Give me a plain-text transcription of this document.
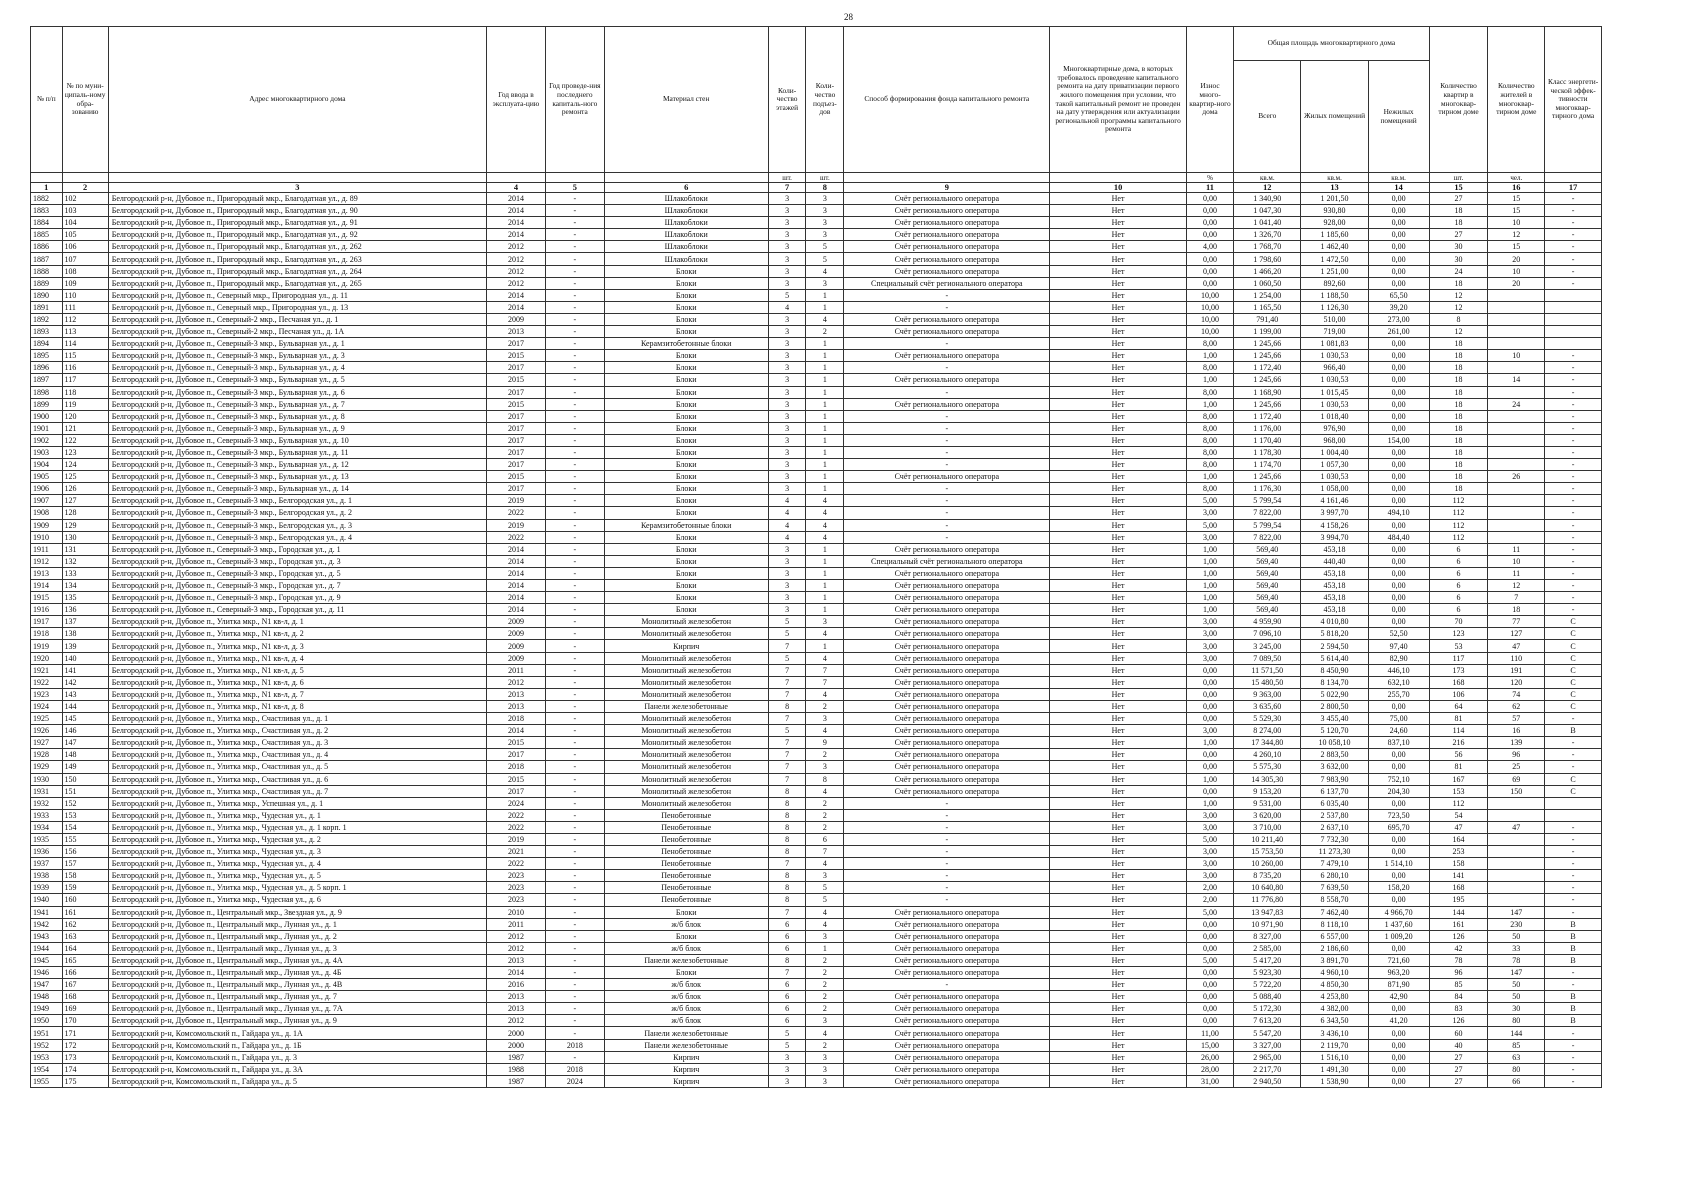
28
№ п/п	№ по муни-ципаль-ному обра-зованию	Адрес многоквартирного дома	Год ввода в эксплуата-цию	Год проведе-ния последнего капиталь-ного ремонта	Материал стен	Коли-чество этажей	Коли-чество подъез-дов	Способ формирования фонда капитального ремонта	Многоквартирные дома, в которых требовалось проведение капитального ремонта на дату приватизации первого жилого помещения при условии, что такой капитальный ремонт не проведен на дату утверждения или актуализации региональной программы капитального ремонта	Износ много-квартир-ного дома	Общая площадь многоквартирного дома			Количество квартир в многоквар-тирном доме	Количество жителей в многоквар-тирном доме	Класс энергети-ческой эффек-тивности многоквар-тирного дома
											Всего	Жилых помещений	Нежилых помещений			
						шт.	шт.			%	кв.м.	кв.м.	кв.м.	шт.	чел.	
1	2	3	4	5	6	7	8	9	10	11	12	13	14	15	16	17
1882	102	Белгородский р-н, Дубовое п., Пригородный мкр., Благодатная ул., д. 89	2014	-	Шлакоблоки	3	3	Счёт регионального оператора	Нет	0,00	1 340,90	1 201,50	0,00	27	15	-
1883	103	Белгородский р-н, Дубовое п., Пригородный мкр., Благодатная ул., д. 90	2014	-	Шлакоблоки	3	3	Счёт регионального оператора	Нет	0,00	1 047,30	930,80	0,00	18	15	-
1884	104	Белгородский р-н, Дубовое п., Пригородный мкр., Благодатная ул., д. 91	2014	-	Шлакоблоки	3	3	Счёт регионального оператора	Нет	0,00	1 041,40	928,00	0,00	18	10	-
1885	105	Белгородский р-н, Дубовое п., Пригородный мкр., Благодатная ул., д. 92	2014	-	Шлакоблоки	3	3	Счёт регионального оператора	Нет	0,00	1 326,70	1 185,60	0,00	27	12	-
1886	106	Белгородский р-н, Дубовое п., Пригородный мкр., Благодатная ул., д. 262	2012	-	Шлакоблоки	3	5	Счёт регионального оператора	Нет	4,00	1 768,70	1 462,40	0,00	30	15	-
1887	107	Белгородский р-н, Дубовое п., Пригородный мкр., Благодатная ул., д. 263	2012	-	Шлакоблоки	3	5	Счёт регионального оператора	Нет	0,00	1 798,60	1 472,50	0,00	30	20	-
1888	108	Белгородский р-н, Дубовое п., Пригородный мкр., Благодатная ул., д. 264	2012	-	Блоки	3	4	Счёт регионального оператора	Нет	0,00	1 466,20	1 251,00	0,00	24	10	-
1889	109	Белгородский р-н, Дубовое п., Пригородный мкр., Благодатная ул., д. 265	2012	-	Блоки	3	3	Специальный счёт регионального оператора	Нет	0,00	1 060,50	892,60	0,00	18	20	-
1890	110	Белгородский р-н, Дубовое п., Северный мкр., Пригородная ул., д. 11	2014	-	Блоки	5	1	-	Нет	10,00	1 254,00	1 188,50	65,50	12		
1891	111	Белгородский р-н, Дубовое п., Северный мкр., Пригородная ул., д. 13	2014	-	Блоки	4	1	-	Нет	10,00	1 165,50	1 126,30	39,20	12		
1892	112	Белгородский р-н, Дубовое п., Северный-2 мкр., Песчаная ул., д. 1	2009	-	Блоки	3	4	Счёт регионального оператора	Нет	10,00	791,40	510,00	273,00	8		
1893	113	Белгородский р-н, Дубовое п., Северный-2 мкр., Песчаная ул., д. 1А	2013	-	Блоки	3	2	Счёт регионального оператора	Нет	10,00	1 199,00	719,00	261,00	12		
1894	114	Белгородский р-н, Дубовое п., Северный-3 мкр., Бульварная ул., д. 1	2017	-	Керамзитобетонные блоки	3	1	-	Нет	8,00	1 245,66	1 081,83	0,00	18		
1895	115	Белгородский р-н, Дубовое п., Северный-3 мкр., Бульварная ул., д. 3	2015	-	Блоки	3	1	Счёт регионального оператора	Нет	1,00	1 245,66	1 030,53	0,00	18	10	-
1896	116	Белгородский р-н, Дубовое п., Северный-3 мкр., Бульварная ул., д. 4	2017	-	Блоки	3	1	-	Нет	8,00	1 172,40	966,40	0,00	18		-
1897	117	Белгородский р-н, Дубовое п., Северный-3 мкр., Бульварная ул., д. 5	2015	-	Блоки	3	1	Счёт регионального оператора	Нет	1,00	1 245,66	1 030,53	0,00	18	14	-
1898	118	Белгородский р-н, Дубовое п., Северный-3 мкр., Бульварная ул., д. 6	2017	-	Блоки	3	1	-	Нет	8,00	1 168,90	1 015,45	0,00	18		-
1899	119	Белгородский р-н, Дубовое п., Северный-3 мкр., Бульварная ул., д. 7	2015	-	Блоки	3	1	Счёт регионального оператора	Нет	1,00	1 245,66	1 030,53	0,00	18	24	-
1900	120	Белгородский р-н, Дубовое п., Северный-3 мкр., Бульварная ул., д. 8	2017	-	Блоки	3	1	-	Нет	8,00	1 172,40	1 018,40	0,00	18		-
1901	121	Белгородский р-н, Дубовое п., Северный-3 мкр., Бульварная ул., д. 9	2017	-	Блоки	3	1	-	Нет	8,00	1 176,00	976,90	0,00	18		-
1902	122	Белгородский р-н, Дубовое п., Северный-3 мкр., Бульварная ул., д. 10	2017	-	Блоки	3	1	-	Нет	8,00	1 170,40	968,00	154,00	18		-
1903	123	Белгородский р-н, Дубовое п., Северный-3 мкр., Бульварная ул., д. 11	2017	-	Блоки	3	1	-	Нет	8,00	1 178,30	1 004,40	0,00	18		-
1904	124	Белгородский р-н, Дубовое п., Северный-3 мкр., Бульварная ул., д. 12	2017	-	Блоки	3	1	-	Нет	8,00	1 174,70	1 057,30	0,00	18		-
1905	125	Белгородский р-н, Дубовое п., Северный-3 мкр., Бульварная ул., д. 13	2015	-	Блоки	3	1	Счёт регионального оператора	Нет	1,00	1 245,66	1 030,53	0,00	18	26	-
1906	126	Белгородский р-н, Дубовое п., Северный-3 мкр., Бульварная ул., д. 14	2017	-	Блоки	3	1	-	Нет	8,00	1 176,30	1 058,00	0,00	18		-
1907	127	Белгородский р-н, Дубовое п., Северный-3 мкр., Белгородская ул., д. 1	2019	-	Блоки	4	4	-	Нет	5,00	5 799,54	4 161,46	0,00	112		-
1908	128	Белгородский р-н, Дубовое п., Северный-3 мкр., Белгородская ул., д. 2	2022	-	Блоки	4	4	-	Нет	3,00	7 822,00	3 997,70	494,10	112		-
1909	129	Белгородский р-н, Дубовое п., Северный-3 мкр., Белгородская ул., д. 3	2019	-	Керамзитобетонные блоки	4	4	-	Нет	5,00	5 799,54	4 158,26	0,00	112		-
1910	130	Белгородский р-н, Дубовое п., Северный-3 мкр., Белгородская ул., д. 4	2022	-	Блоки	4	4	-	Нет	3,00	7 822,00	3 994,70	484,40	112		-
1911	131	Белгородский р-н, Дубовое п., Северный-3 мкр., Городская ул., д. 1	2014	-	Блоки	3	1	Счёт регионального оператора	Нет	1,00	569,40	453,18	0,00	6	11	-
1912	132	Белгородский р-н, Дубовое п., Северный-3 мкр., Городская ул., д. 3	2014	-	Блоки	3	1	Специальный счёт регионального оператора	Нет	1,00	569,40	440,40	0,00	6	10	-
1913	133	Белгородский р-н, Дубовое п., Северный-3 мкр., Городская ул., д. 5	2014	-	Блоки	3	1	Счёт регионального оператора	Нет	1,00	569,40	453,18	0,00	6	11	-
1914	134	Белгородский р-н, Дубовое п., Северный-3 мкр., Городская ул., д. 7	2014	-	Блоки	3	1	Счёт регионального оператора	Нет	1,00	569,40	453,18	0,00	6	12	-
1915	135	Белгородский р-н, Дубовое п., Северный-3 мкр., Городская ул., д. 9	2014	-	Блоки	3	1	Счёт регионального оператора	Нет	1,00	569,40	453,18	0,00	6	7	-
1916	136	Белгородский р-н, Дубовое п., Северный-3 мкр., Городская ул., д. 11	2014	-	Блоки	3	1	Счёт регионального оператора	Нет	1,00	569,40	453,18	0,00	6	18	-
1917	137	Белгородский р-н, Дубовое п., Улитка мкр., N1 кв-л, д. 1	2009	-	Монолитный железобетон	5	3	Счёт регионального оператора	Нет	3,00	4 959,90	4 010,80	0,00	70	77	С
1918	138	Белгородский р-н, Дубовое п., Улитка мкр., N1 кв-л, д. 2	2009	-	Монолитный железобетон	5	4	Счёт регионального оператора	Нет	3,00	7 096,10	5 818,20	52,50	123	127	С
1919	139	Белгородский р-н, Дубовое п., Улитка мкр., N1 кв-л, д. 3	2009	-	Кирпич	7	1	Счёт регионального оператора	Нет	3,00	3 245,00	2 594,50	97,40	53	47	С
1920	140	Белгородский р-н, Дубовое п., Улитка мкр., N1 кв-л, д. 4	2009	-	Монолитный железобетон	5	4	Счёт регионального оператора	Нет	3,00	7 089,50	5 614,40	82,90	117	110	С
1921	141	Белгородский р-н, Дубовое п., Улитка мкр., N1 кв-л, д. 5	2011	-	Монолитный железобетон	7	7	Счёт регионального оператора	Нет	0,00	11 571,50	8 450,90	446,10	173	191	С
1922	142	Белгородский р-н, Дубовое п., Улитка мкр., N1 кв-л, д. 6	2012	-	Монолитный железобетон	7	7	Счёт регионального оператора	Нет	0,00	15 480,50	8 134,70	632,10	168	120	С
1923	143	Белгородский р-н, Дубовое п., Улитка мкр., N1 кв-л, д. 7	2013	-	Монолитный железобетон	7	4	Счёт регионального оператора	Нет	0,00	9 363,00	5 022,90	255,70	106	74	С
1924	144	Белгородский р-н, Дубовое п., Улитка мкр., N1 кв-л, д. 8	2013	-	Панели железобетонные	8	2	Счёт регионального оператора	Нет	0,00	3 635,60	2 800,50	0,00	64	62	С
1925	145	Белгородский р-н, Дубовое п., Улитка мкр., Счастливая ул., д. 1	2018	-	Монолитный железобетон	7	3	Счёт регионального оператора	Нет	0,00	5 529,30	3 455,40	75,00	81	57	-
1926	146	Белгородский р-н, Дубовое п., Улитка мкр., Счастливая ул., д. 2	2014	-	Монолитный железобетон	5	4	Счёт регионального оператора	Нет	3,00	8 274,00	5 120,70	24,60	114	16	В
1927	147	Белгородский р-н, Дубовое п., Улитка мкр., Счастливая ул., д. 3	2015	-	Монолитный железобетон	7	9	Счёт регионального оператора	Нет	1,00	17 344,80	10 058,10	837,10	216	139	-
1928	148	Белгородский р-н, Дубовое п., Улитка мкр., Счастливая ул., д. 4	2017	-	Монолитный железобетон	7	2	Счёт регионального оператора	Нет	0,00	4 260,10	2 883,50	0,00	56	96	-
1929	149	Белгородский р-н, Дубовое п., Улитка мкр., Счастливая ул., д. 5	2018	-	Монолитный железобетон	7	3	Счёт регионального оператора	Нет	0,00	5 575,30	3 632,00	0,00	81	25	-
1930	150	Белгородский р-н, Дубовое п., Улитка мкр., Счастливая ул., д. 6	2015	-	Монолитный железобетон	7	8	Счёт регионального оператора	Нет	1,00	14 305,30	7 983,90	752,10	167	69	С
1931	151	Белгородский р-н, Дубовое п., Улитка мкр., Счастливая ул., д. 7	2017	-	Монолитный железобетон	8	4	Счёт регионального оператора	Нет	0,00	9 153,20	6 137,70	204,30	153	150	С
1932	152	Белгородский р-н, Дубовое п., Улитка мкр., Успешная ул., д. 1	2024	-	Монолитный железобетон	8	2	-	Нет	1,00	9 531,00	6 035,40	0,00	112		
1933	153	Белгородский р-н, Дубовое п., Улитка мкр., Чудесная ул., д. 1	2022	-	Пенобетонные	8	2	-	Нет	3,00	3 620,00	2 537,80	723,50	54		
1934	154	Белгородский р-н, Дубовое п., Улитка мкр., Чудесная ул., д. 1 корп. 1	2022	-	Пенобетонные	8	2	-	Нет	3,00	3 710,00	2 637,10	695,70	47	47	-
1935	155	Белгородский р-н, Дубовое п., Улитка мкр., Чудесная ул., д. 2	2019	-	Пенобетонные	8	6	-	Нет	5,00	10 211,40	7 732,30	0,00	164		-
1936	156	Белгородский р-н, Дубовое п., Улитка мкр., Чудесная ул., д. 3	2021	-	Пенобетонные	8	7	-	Нет	3,00	15 753,50	11 273,30	0,00	253		-
1937	157	Белгородский р-н, Дубовое п., Улитка мкр., Чудесная ул., д. 4	2022	-	Пенобетонные	7	4	-	Нет	3,00	10 260,00	7 479,10	1 514,10	158		-
1938	158	Белгородский р-н, Дубовое п., Улитка мкр., Чудесная ул., д. 5	2023	-	Пенобетонные	8	3	-	Нет	3,00	8 735,20	6 280,10	0,00	141		-
1939	159	Белгородский р-н, Дубовое п., Улитка мкр., Чудесная ул., д. 5 корп. 1	2023	-	Пенобетонные	8	5	-	Нет	2,00	10 640,80	7 639,50	158,20	168		-
1940	160	Белгородский р-н, Дубовое п., Улитка мкр., Чудесная ул., д. 6	2023	-	Пенобетонные	8	5	-	Нет	2,00	11 776,80	8 558,70	0,00	195		-
1941	161	Белгородский р-н, Дубовое п., Центральный мкр., Звездная ул., д. 9	2010	-	Блоки	7	4	Счёт регионального оператора	Нет	5,00	13 947,83	7 462,40	4 966,70	144	147	-
1942	162	Белгородский р-н, Дубовое п., Центральный мкр., Лунная ул., д. 1	2011	-	ж/б блок	6	4	Счёт регионального оператора	Нет	0,00	10 971,90	8 118,10	1 437,60	161	230	В
1943	163	Белгородский р-н, Дубовое п., Центральный мкр., Лунная ул., д. 2	2012	-	Блоки	6	3	Счёт регионального оператора	Нет	0,00	8 327,00	6 557,00	1 009,20	126	50	В
1944	164	Белгородский р-н, Дубовое п., Центральный мкр., Лунная ул., д. 3	2012	-	ж/б блок	6	1	Счёт регионального оператора	Нет	0,00	2 585,00	2 186,60	0,00	42	33	В
1945	165	Белгородский р-н, Дубовое п., Центральный мкр., Лунная ул., д. 4А	2013	-	Панели железобетонные	8	2	Счёт регионального оператора	Нет	5,00	5 417,20	3 891,70	721,60	78	78	В
1946	166	Белгородский р-н, Дубовое п., Центральный мкр., Лунная ул., д. 4Б	2014	-	Блоки	7	2	Счёт регионального оператора	Нет	0,00	5 923,30	4 960,10	963,20	96	147	-
1947	167	Белгородский р-н, Дубовое п., Центральный мкр., Лунная ул., д. 4В	2016	-	ж/б блок	6	2	-	Нет	0,00	5 722,20	4 850,30	871,90	85	50	-
1948	168	Белгородский р-н, Дубовое п., Центральный мкр., Лунная ул., д. 7	2013	-	ж/б блок	6	2	Счёт регионального оператора	Нет	0,00	5 088,40	4 253,80	42,90	84	50	В
1949	169	Белгородский р-н, Дубовое п., Центральный мкр., Лунная ул., д. 7А	2013	-	ж/б блок	6	2	Счёт регионального оператора	Нет	0,00	5 172,30	4 382,00	0,00	83	30	В
1950	170	Белгородский р-н, Дубовое п., Центральный мкр., Лунная ул., д. 9	2012	-	ж/б блок	6	3	Счёт регионального оператора	Нет	0,00	7 613,20	6 343,50	41,20	126	80	В
1951	171	Белгородский р-н, Комсомольский п., Гайдара ул., д. 1А	2000	-	Панели железобетонные	5	4	Счёт регионального оператора	Нет	11,00	5 547,20	3 436,10	0,00	60	144	-
1952	172	Белгородский р-н, Комсомольский п., Гайдара ул., д. 1Б	2000	2018	Панели железобетонные	5	2	Счёт регионального оператора	Нет	15,00	3 327,00	2 119,70	0,00	40	85	-
1953	173	Белгородский р-н, Комсомольский п., Гайдара ул., д. 3	1987	-	Кирпич	3	3	Счёт регионального оператора	Нет	26,00	2 965,00	1 516,10	0,00	27	63	-
1954	174	Белгородский р-н, Комсомольский п., Гайдара ул., д. 3А	1988	2018	Кирпич	3	3	Счёт регионального оператора	Нет	28,00	2 217,70	1 491,30	0,00	27	80	-
1955	175	Белгородский р-н, Комсомольский п., Гайдара ул., д. 5	1987	2024	Кирпич	3	3	Счёт регионального оператора	Нет	31,00	2 940,50	1 538,90	0,00	27	66	-
